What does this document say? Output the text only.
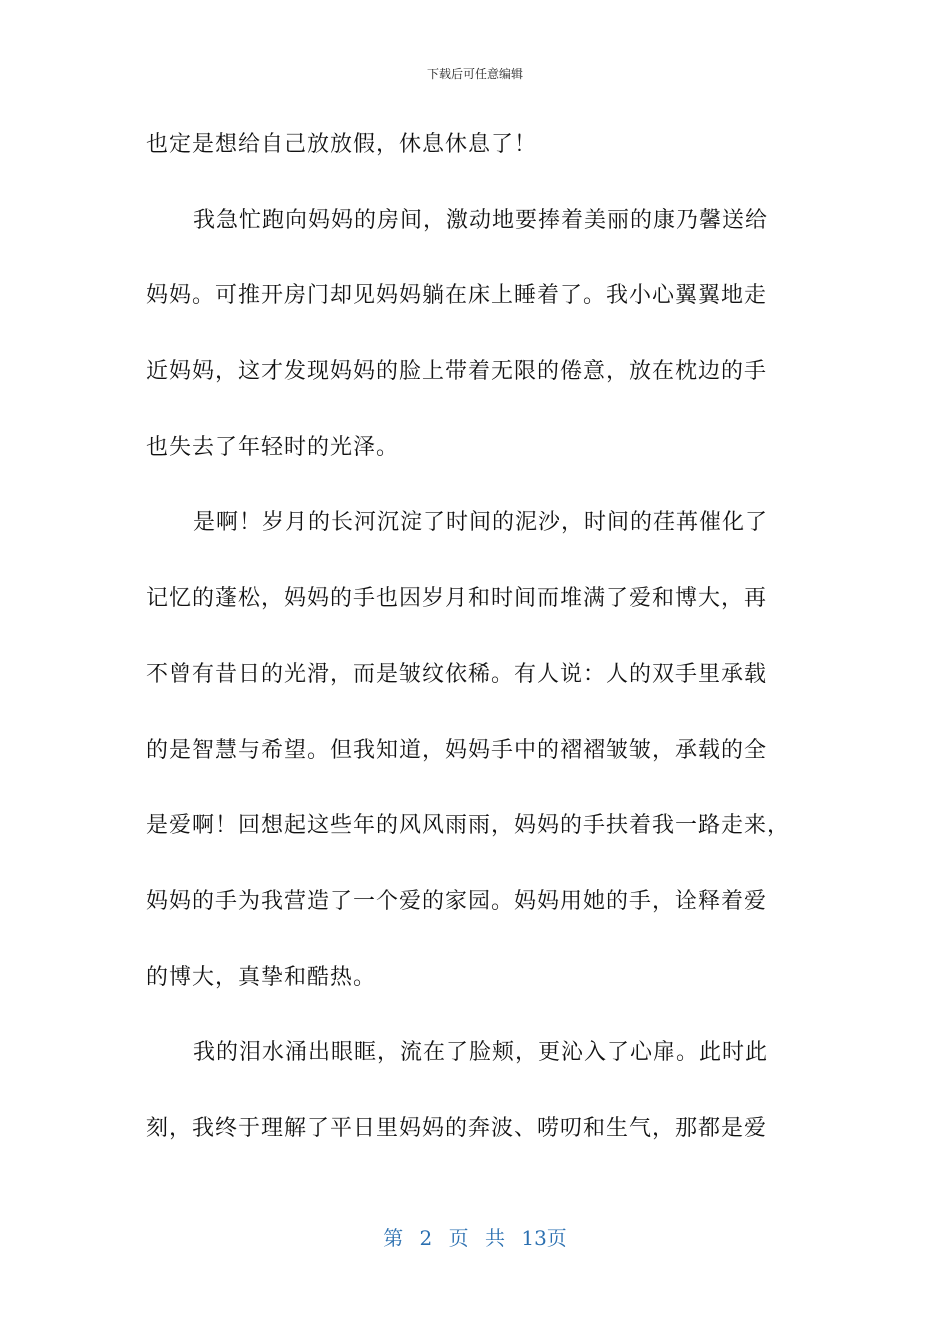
下载后可任意编辑
也定是想给自己放放假，休息休息了！
我急忙跑向妈妈的房间，激动地要捧着美丽的康乃馨送给
妈妈。可推开房门却见妈妈躺在床上睡着了。我小心翼翼地走
近妈妈，这才发现妈妈的脸上带着无限的倦意，放在枕边的手
也失去了年轻时的光泽。
是啊！岁月的长河沉淀了时间的泥沙，时间的荏苒催化了
记忆的蓬松，妈妈的手也因岁月和时间而堆满了爱和博大，再
不曾有昔日的光滑，而是皱纹依稀。有人说：人的双手里承载
的是智慧与希望。但我知道，妈妈手中的褶褶皱皱，承载的全
是爱啊！回想起这些年的风风雨雨，妈妈的手扶着我一路走来，
妈妈的手为我营造了一个爱的家园。妈妈用她的手，诠释着爱
的博大，真挚和酷热。
我的泪水涌出眼眶，流在了脸颊，更沁入了心扉。此时此
刻，我终于理解了平日里妈妈的奔波、唠叨和生气，那都是爱
第 2 页 共 13页
